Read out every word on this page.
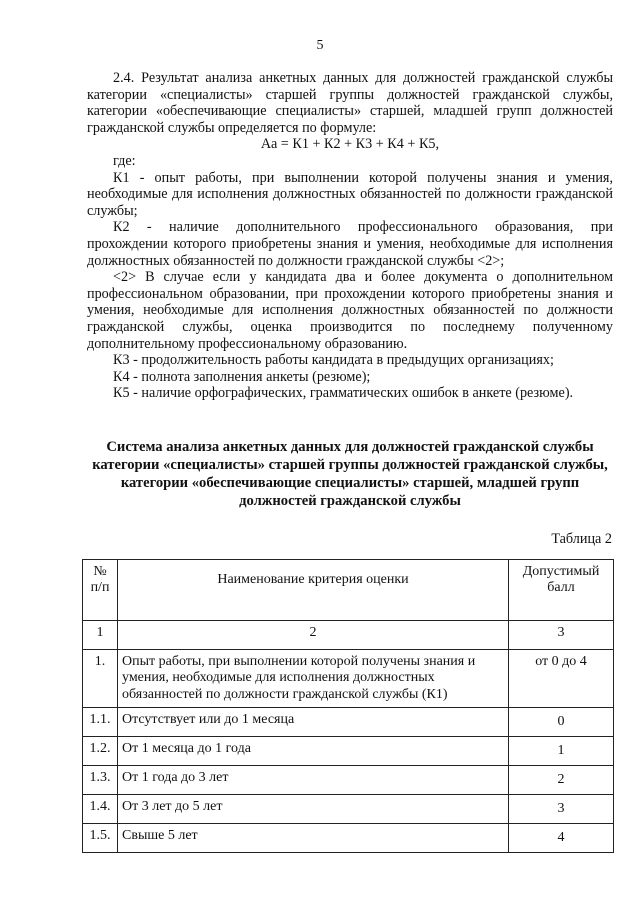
5

2.4. Результат анализа анкетных данных для должностей гражданской службы категории «специалисты» старшей группы должностей гражданской службы, категории «обеспечивающие специалисты» старшей, младшей групп должностей гражданской службы определяется по формуле:

Аа = К1 + К2 + К3 + К4 + К5,
где:

К1 - опыт работы, при выполнении которой получены знания и умения, необходимые для исполнения должностных обязанностей по должности гражданской службы;

К2 - наличие дополнительного профессионального образования, при прохождении которого приобретены знания и умения, необходимые для исполнения должностных обязанностей по должности гражданской службы <2>;

<2> В случае если у кандидата два и более документа о дополнительном профессиональном образовании, при прохождении которого приобретены знания и умения, необходимые для исполнения должностных обязанностей по должности гражданской службы, оценка производится по последнему полученному дополнительному профессиональному образованию.

К3 - продолжительность работы кандидата в предыдущих организациях;

К4 - полнота заполнения анкеты (резюме);

К5 - наличие орфографических, грамматических ошибок в анкете (резюме).

Система анализа анкетных данных для должностей гражданской службы категории «специалисты» старшей группы должностей гражданской службы, категории «обеспечивающие специалисты» старшей, младшей групп должностей гражданской службы
Таблица 2
№ п/п	Наименование критерия оценки	Допустимый балл
1	2	3
1.	Опыт работы, при выполнении которой получены знания и умения, необходимые для исполнения должностных обязанностей по должности гражданской службы (К1)	от 0 до 4
1.1.	Отсутствует или до 1 месяца	0
1.2.	От 1 месяца до 1 года	1
1.3.	От 1 года до 3 лет	2
1.4.	От 3 лет до 5 лет	3
1.5.	Свыше 5 лет	4
